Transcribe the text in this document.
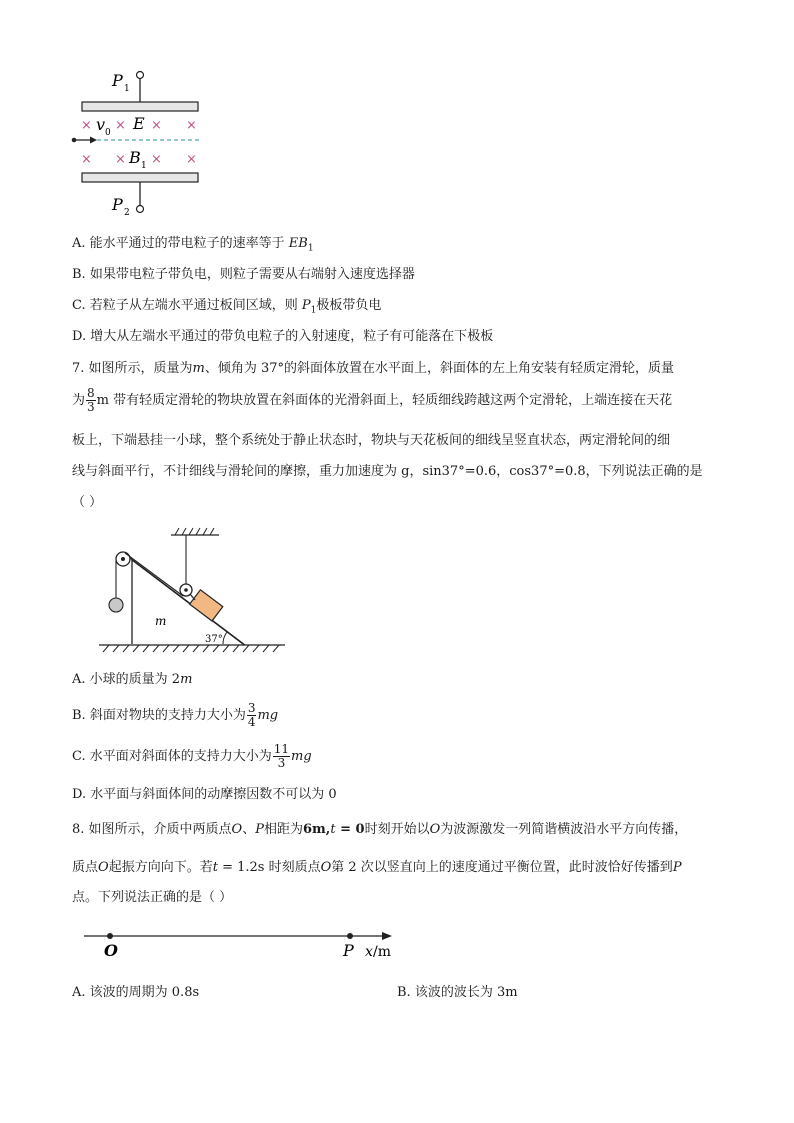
P 1
× v 0 × E × ×
× × B 1 × ×
P 2
A. 能水平通过的带电粒子的速率等于 $EB_1$
B. 如果带电粒子带负电，则粒子需要从右端射入速度选择器
C. 若粒子从左端水平通过板间区域，则 $P_1$极板带负电
D. 增大从左端水平通过的带负电粒子的入射速度，粒子有可能落在下极板
7. 如图所示，质量为m、倾角为 37°的斜面体放置在水平面上，斜面体的左上角安装有轻质定滑轮，质量
为 $\frac{8}{3}$ m 带有轻质定滑轮的物块放置在斜面体的光滑斜面上，轻质细线跨越这两个定滑轮，上端连接在天花
板上，下端悬挂一小球，整个系统处于静止状态时，物块与天花板间的细线呈竖直状态，两定滑轮间的细
线与斜面平行，不计细线与滑轮间的摩擦，重力加速度为 g，sin37°=0.6，cos37°=0.8，下列说法正确的是
（ ）
m
37°
A. 小球的质量为 2m
B. 斜面对物块的支持力大小为 $\frac{3}{4}$ mg
C. 水平面对斜面体的支持力大小为 $\frac{11}{3}$ mg
D. 水平面与斜面体间的动摩擦因数不可以为 0
8. 如图所示，介质中两质点O、P相距为6m,t = 0时刻开始以O为波源激发一列简谐横波沿水平方向传播，
质点O起振方向向下。若t = 1.2s 时刻质点O第 2 次以竖直向上的速度通过平衡位置，此时波恰好传播到P
点。下列说法正确的是（ ）
O	P x /m
A. 该波的周期为 0.8s	B. 该波的波长为 3m
